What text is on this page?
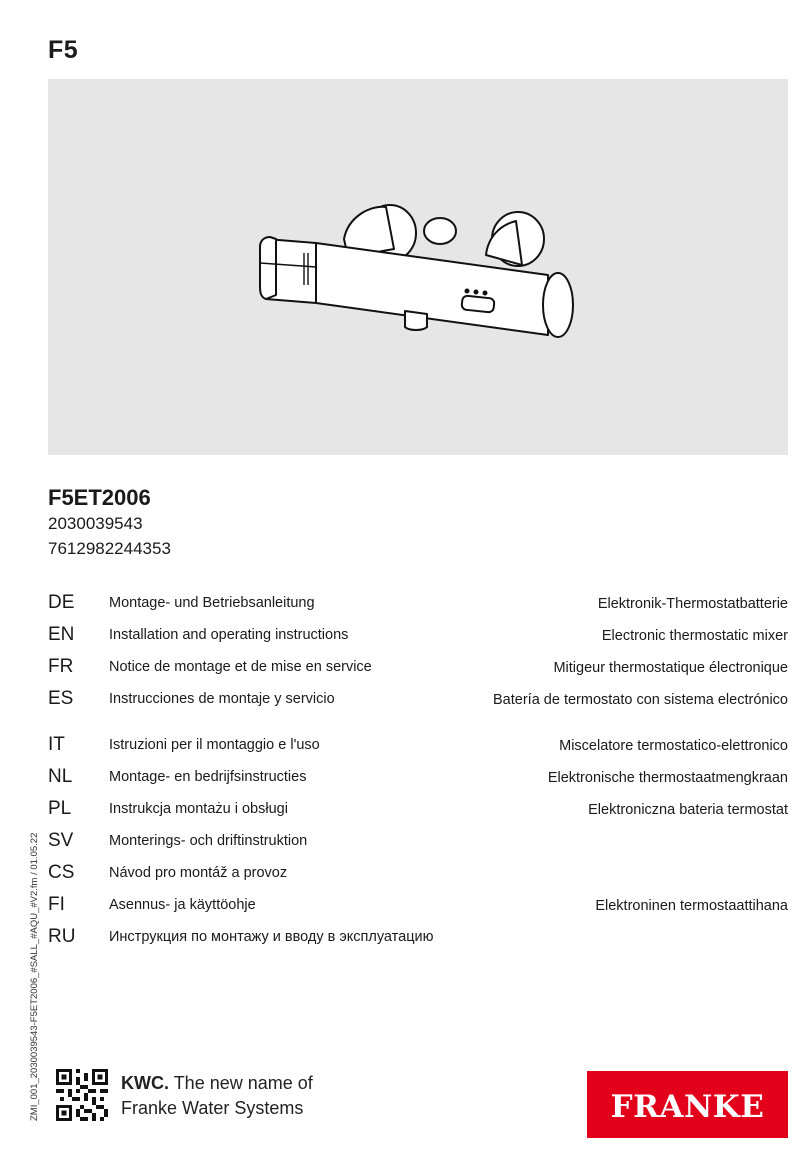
F5
F5ET2006
2030039543
7612982244353
DE Montage- und Betriebsanleitung	Elektronik-Thermostatbatterie
EN Installation and operating instructions	Electronic thermostatic mixer
FR Notice de montage et de mise en service	Mitigeur thermostatique électronique
ES Instrucciones de montaje y servicio	Batería de termostato con sistema electrónico
IT	Istruzioni per il montaggio e l'uso	Miscelatore termostatico-elettronico
NL	Montage- en bedrijfsinstructies	Elektronische thermostaatmengkraan
PL	Instrukcja montażu i obsługi	Elektroniczna bateria termostat
SV Monterings- och driftinstruktion
CS Návod pro montáž a provoz
FI	Asennus- ja käyttöohje	Elektroninen termostaattihana
RU Инструкция по монтажу и вводу в эксплуатацию
ZMI_001_2030039543-F5ET2006_#SALL_#AQU_#V2.fm / 01.05.22	KWC. The new name of
Franke Water Systems	FRANKE
